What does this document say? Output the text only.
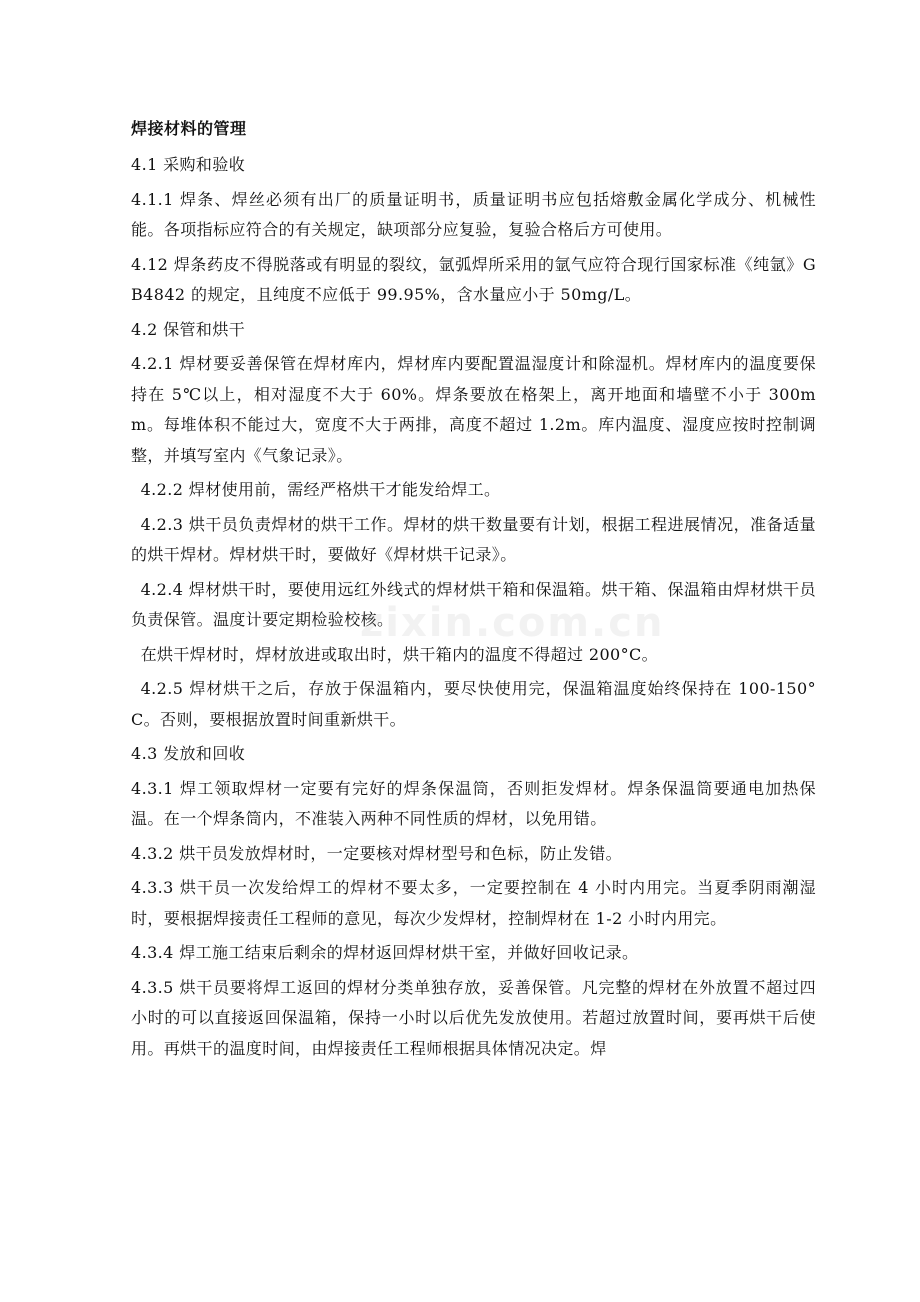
焊接材料的管理

4.1 采购和验收

4.1.1 焊条、焊丝必须有出厂的质量证明书，质量证明书应包括熔敷金属化学成分、机械性能。各项指标应符合的有关规定，缺项部分应复验，复验合格后方可使用。

4.12 焊条药皮不得脱落或有明显的裂纹，氩弧焊所采用的氩气应符合现行国家标准《纯氩》GB4842 的规定，且纯度不应低于 99.95%，含水量应小于 50mg/L。

4.2 保管和烘干

4.2.1 焊材要妥善保管在焊材库内，焊材库内要配置温湿度计和除湿机。焊材库内的温度要保持在 5℃以上，相对湿度不大于 60%。焊条要放在格架上，离开地面和墙壁不小于 300mm。每堆体积不能过大，宽度不大于两排，高度不超过 1.2m。库内温度、湿度应按时控制调整，并填写室内《气象记录》。

4.2.2 焊材使用前，需经严格烘干才能发给焊工。

4.2.3 烘干员负责焊材的烘干工作。焊材的烘干数量要有计划，根据工程进展情况，准备适量的烘干焊材。焊材烘干时，要做好《焊材烘干记录》。

4.2.4 焊材烘干时，要使用远红外线式的焊材烘干箱和保温箱。烘干箱、保温箱由焊材烘干员负责保管。温度计要定期检验校核。

在烘干焊材时，焊材放进或取出时，烘干箱内的温度不得超过 200°C。

4.2.5 焊材烘干之后，存放于保温箱内，要尽快使用完，保温箱温度始终保持在 100-150°C。否则，要根据放置时间重新烘干。

4.3 发放和回收

4.3.1 焊工领取焊材一定要有完好的焊条保温筒，否则拒发焊材。焊条保温筒要通电加热保温。在一个焊条筒内，不准装入两种不同性质的焊材，以免用错。

4.3.2 烘干员发放焊材时，一定要核对焊材型号和色标，防止发错。

4.3.3 烘干员一次发给焊工的焊材不要太多，一定要控制在 4 小时内用完。当夏季阴雨潮湿时，要根据焊接责任工程师的意见，每次少发焊材，控制焊材在 1-2 小时内用完。

4.3.4 焊工施工结束后剩余的焊材返回焊材烘干室，并做好回收记录。

4.3.5 烘干员要将焊工返回的焊材分类单独存放，妥善保管。凡完整的焊材在外放置不超过四小时的可以直接返回保温箱，保持一小时以后优先发放使用。若超过放置时间，要再烘干后使用。再烘干的温度时间，由焊接责任工程师根据具体情况决定。焊

zixin.com.cn
